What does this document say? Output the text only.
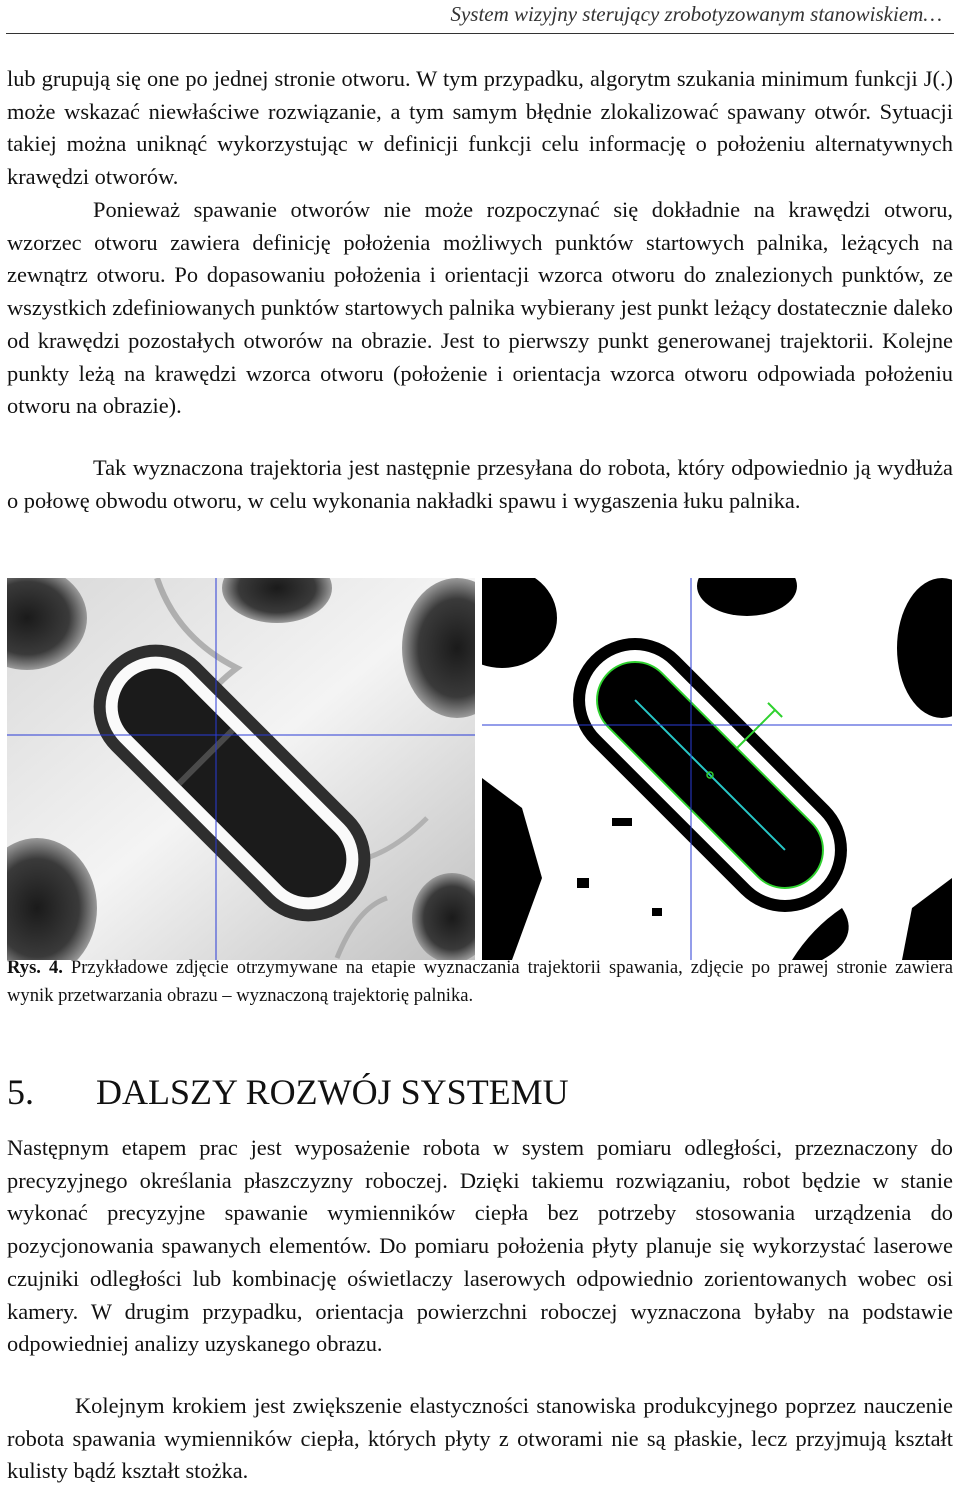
System wizyjny sterujący zrobotyzowanym stanowiskiem…

lub grupują się one po jednej stronie otworu. W tym przypadku, algorytm szukania minimum funkcji J(.) może wskazać niewłaściwe rozwiązanie, a tym samym błędnie zlokalizować spawany otwór. Sytuacji takiej można uniknąć wykorzystując w definicji funkcji celu informację o położeniu alternatywnych krawędzi otworów.

Ponieważ spawanie otworów nie może rozpoczynać się dokładnie na krawędzi otworu, wzorzec otworu zawiera definicję położenia możliwych punktów startowych palnika, leżących na zewnątrz otworu. Po dopasowaniu położenia i orientacji wzorca otworu do znalezionych punktów, ze wszystkich zdefiniowanych punktów startowych palnika wybierany jest punkt leżący dostatecznie daleko od krawędzi pozostałych otworów na obrazie. Jest to pierwszy punkt generowanej trajektorii. Kolejne punkty leżą na krawędzi wzorca otworu (położenie i orientacja wzorca otworu odpowiada położeniu otworu na obrazie).

Tak wyznaczona trajektoria jest następnie przesyłana do robota, który odpowiednio ją wydłuża o połowę obwodu otworu, w celu wykonania nakładki spawu i wygaszenia łuku palnika.

Rys. 4. Przykładowe zdjęcie otrzymywane na etapie wyznaczania trajektorii spawania, zdjęcie po prawej stronie zawiera wynik przetwarzania obrazu – wyznaczoną trajektorię palnika.

5. DALSZY ROZWÓJ SYSTEMU

Następnym etapem prac jest wyposażenie robota w system pomiaru odległości, przeznaczony do precyzyjnego określania płaszczyzny roboczej. Dzięki takiemu rozwiązaniu, robot będzie w stanie wykonać precyzyjne spawanie wymienników ciepła bez potrzeby stosowania urządzenia do pozycjonowania spawanych elementów. Do pomiaru położenia płyty planuje się wykorzystać laserowe czujniki odległości lub kombinację oświetlaczy laserowych odpowiednio zorientowanych wobec osi kamery. W drugim przypadku, orientacja powierzchni roboczej wyznaczona byłaby na podstawie odpowiedniej analizy uzyskanego obrazu.

Kolejnym krokiem jest zwiększenie elastyczności stanowiska produkcyjnego poprzez nauczenie robota spawania wymienników ciepła, których płyty z otworami nie są płaskie, lecz przyjmują kształt kulisty bądź kształt stożka.
